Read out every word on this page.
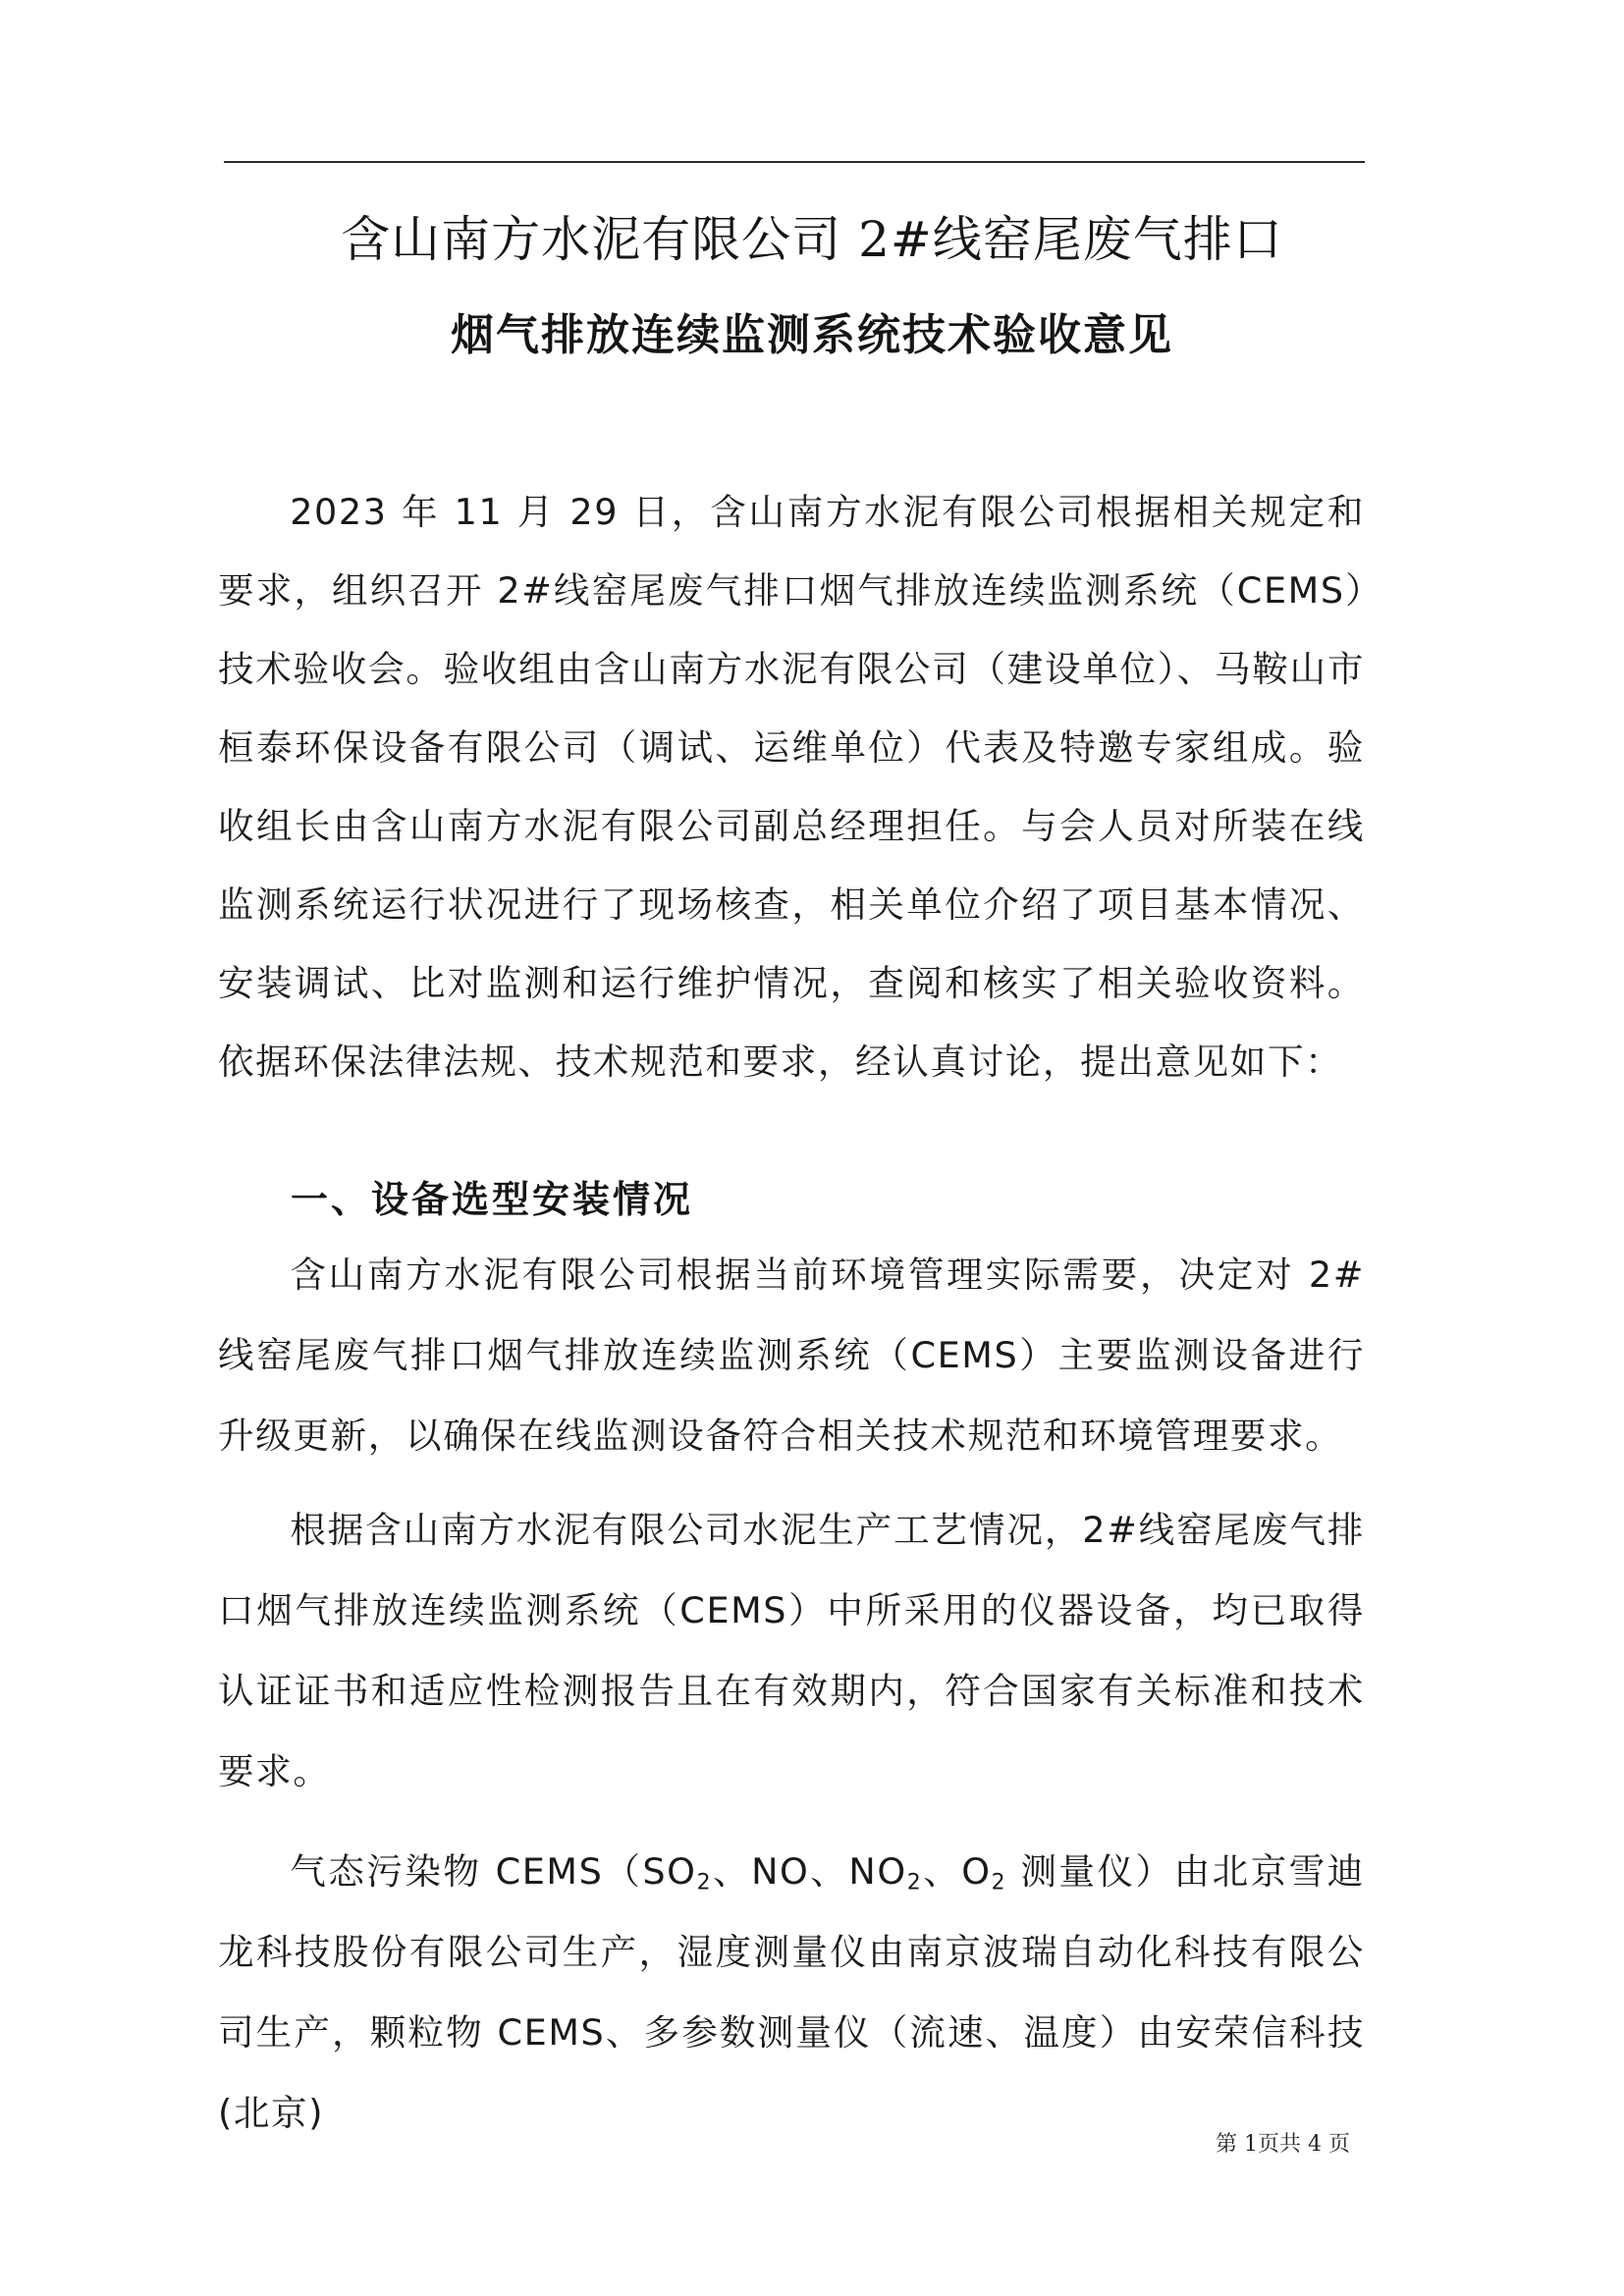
含山南方水泥有限公司 2#线窑尾废气排口
烟气排放连续监测系统技术验收意见

2023 年 11 月 29 日，含山南方水泥有限公司根据相关规定和要求，组织召开 2#线窑尾废气排口烟气排放连续监测系统（CEMS）技术验收会。验收组由含山南方水泥有限公司（建设单位）、马鞍山市桓泰环保设备有限公司（调试、运维单位）代表及特邀专家组成。验收组长由含山南方水泥有限公司副总经理担任。与会人员对所装在线监测系统运行状况进行了现场核查，相关单位介绍了项目基本情况、安装调试、比对监测和运行维护情况，查阅和核实了相关验收资料。依据环保法律法规、技术规范和要求，经认真讨论，提出意见如下：

一、设备选型安装情况

含山南方水泥有限公司根据当前环境管理实际需要，决定对 2#线窑尾废气排口烟气排放连续监测系统（CEMS）主要监测设备进行升级更新，以确保在线监测设备符合相关技术规范和环境管理要求。

根据含山南方水泥有限公司水泥生产工艺情况，2#线窑尾废气排口烟气排放连续监测系统（CEMS）中所采用的仪器设备，均已取得认证证书和适应性检测报告且在有效期内，符合国家有关标准和技术要求。

气态污染物 $CEMS(SO_2$、NO、$NO_2$、$O_2$ 测量仪）由北京雪迪龙科技股份有限公司生产，湿度测量仪由南京波瑞自动化科技有限公司生产，颗粒物 CEMS、多参数测量仪（流速、温度）由安荣信科技(北京)

第 1页共 4 页
